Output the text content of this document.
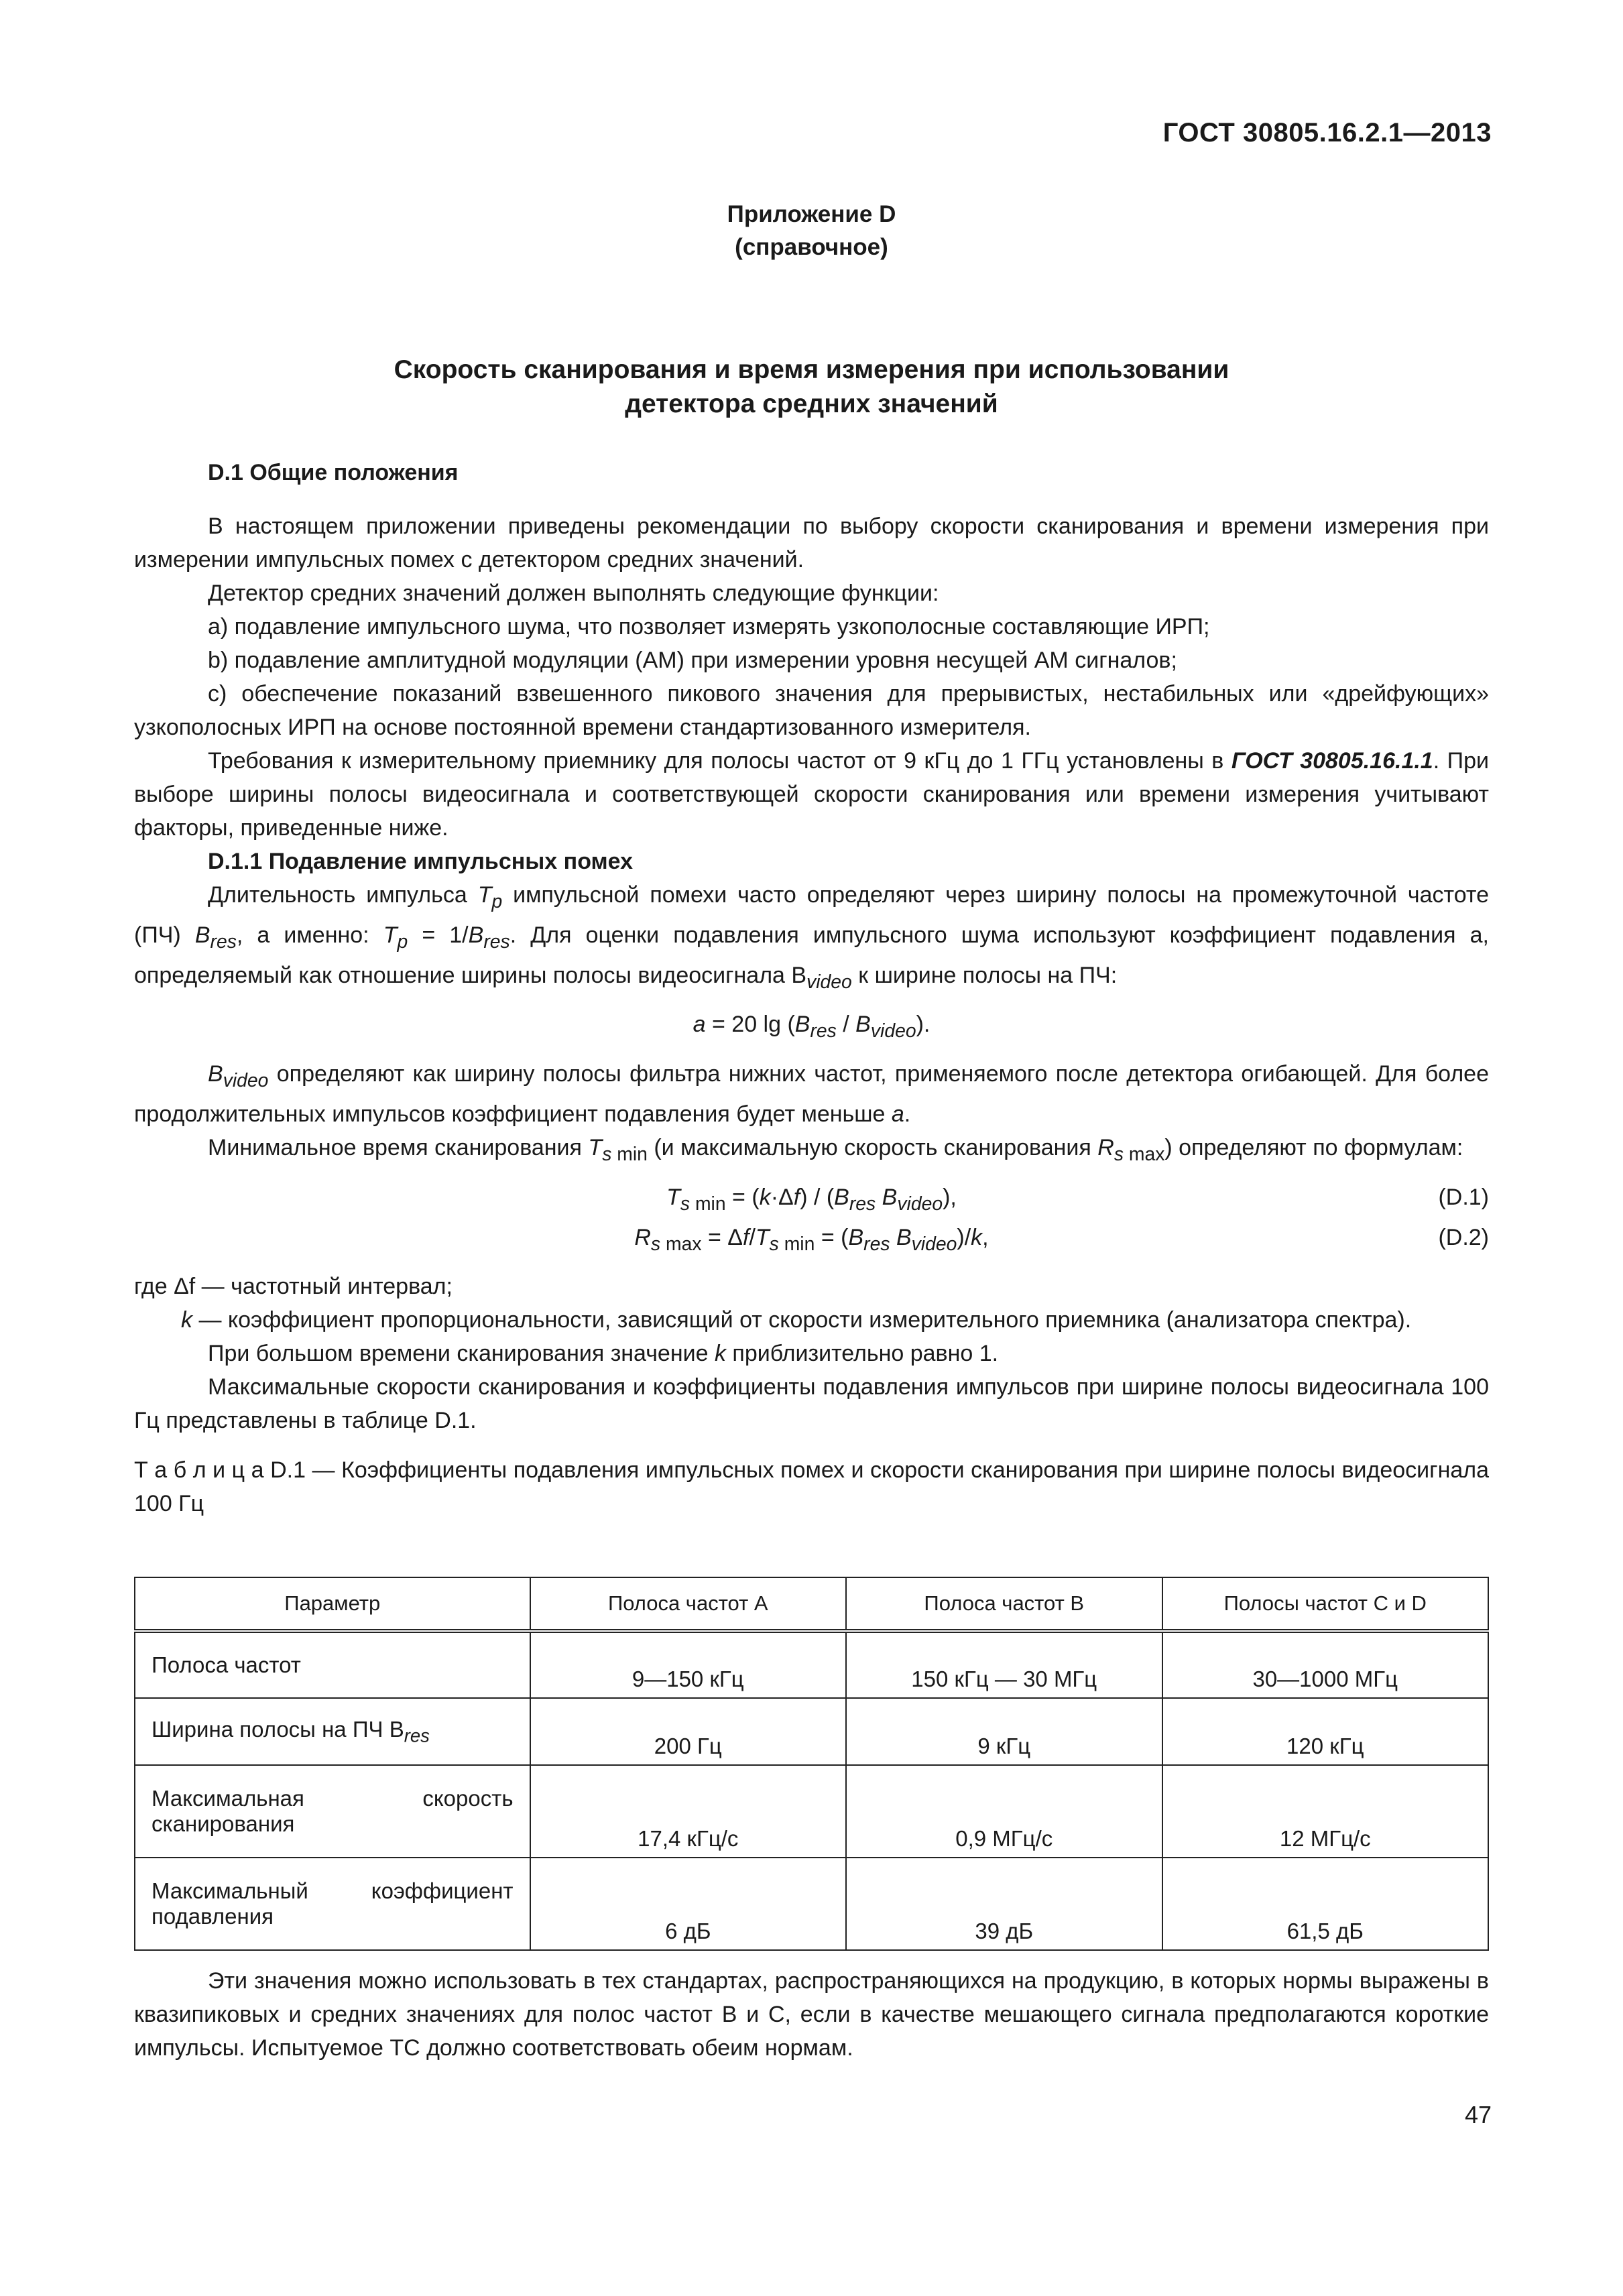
ГОСТ 30805.16.2.1—2013
Приложение D
(справочное)
Скорость сканирования и время измерения при использовании
детектора средних значений

D.1 Общие положения

В настоящем приложении приведены рекомендации по выбору скорости сканирования и времени измерения при измерении импульсных помех с детектором средних значений.

Детектор средних значений должен выполнять следующие функции:

a) подавление импульсного шума, что позволяет измерять узкополосные составляющие ИРП;

b) подавление амплитудной модуляции (АМ) при измерении уровня несущей АМ сигналов;

c) обеспечение показаний взвешенного пикового значения для прерывистых, нестабильных или «дрейфующих» узкополосных ИРП на основе постоянной времени стандартизованного измерителя.

Требования к измерительному приемнику для полосы частот от 9 кГц до 1 ГГц установлены в ГОСТ 30805.16.1.1. При выборе ширины полосы видеосигнала и соответствующей скорости сканирования или времени измерения учитывают факторы, приведенные ниже.

D.1.1 Подавление импульсных помех

Длительность импульса $T_p$ импульсной помехи часто определяют через ширину полосы на промежуточной частоте (ПЧ) $B_{res}$, а именно: $T_p = 1/B_{res}$. Для оценки подавления импульсного шума используют коэффициент подавления a, определяемый как отношение ширины полосы видеосигнала $B_{video}$ к ширине полосы на ПЧ:

a = 20 $\lg (B_{res} / B_{video})$.

$B_{video}$ определяют как ширину полосы фильтра нижних частот, применяемого после детектора огибающей. Для более продолжительных импульсов коэффициент подавления будет меньше a.

Минимальное время сканирования $T_s$ $_{min}$ (и максимальную скорость сканирования $R_s$ $_{max}$) определяют по формулам:

$T_s$ $_{min} = (k\cdot\Delta f) / (B_{res}$ $B_{video}$),	(D.1)

$R_s$ $_{max} = \Delta f/T_s$ $_{min} = (B_{res}$ $B_{video})/k$,	(D.2)

где Δf — частотный интервал;

k — коэффициент пропорциональности, зависящий от скорости измерительного приемника (анализатора спектра).

При большом времени сканирования значение k приблизительно равно 1.

Максимальные скорости сканирования и коэффициенты подавления импульсов при ширине полосы видеосигнала 100 Гц представлены в таблице D.1.

Т а б л и ц а D.1 — Коэффициенты подавления импульсных помех и скорости сканирования при ширине полосы видеосигнала 100 Гц

Параметр	Полоса частот A	Полоса частот B	Полосы частот C и D
Полоса частот	9—150 кГц	150 кГц — 30 МГц	30—1000 МГц
Ширина полосы на ПЧ $B_{res}$	200 Гц	9 кГц	120 кГц
Максимальная скорость сканирования	17,4 кГц/с	0,9 МГц/с	12 МГц/с
Максимальный коэффициент подавления	6 дБ	39 дБ	61,5 дБ

Эти значения можно использовать в тех стандартах, распространяющихся на продукцию, в которых нормы выражены в квазипиковых и средних значениях для полос частот B и C, если в качестве мешающего сигнала предполагаются короткие импульсы. Испытуемое ТС должно соответствовать обеим нормам.

47
